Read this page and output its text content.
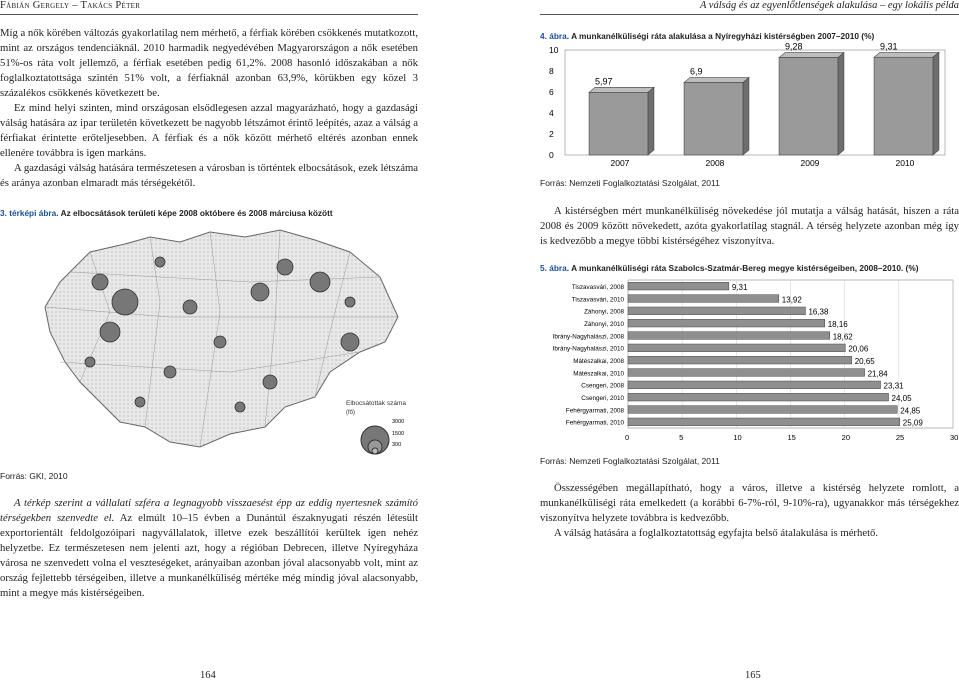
Fábián Gergely – Takács Péter	A válság és az egyenlőtlenségek alakulása – egy lokális példa

Míg a nők körében változás gyakorlatilag nem mérhető, a férfiak körében csökkenés mutatkozott, mint az országos tendenciáknál. 2010 harmadik negyedévében Magyarországon a nők esetében 51%-os ráta volt jellemző, a férfiak esetében pedig 61,2%. 2008 hasonló időszakában a nők foglalkoztatottsága szintén 51% volt, a férfiaknál azonban 63,9%, körükben egy közel 3 százalékos csökkenés következett be.

Ez mind helyi szinten, mind országosan elsődlegesen azzal magyarázható, hogy a gazdasági válság hatására az ipar területén következett be nagyobb létszámot érintő leépítés, azaz a válság a férfiakat érintette erőteljesebben. A férfiak és a nők között mérhető eltérés azonban ennek ellenére továbbra is igen markáns.

A gazdasági válság hatására természetesen a városban is történtek elbocsátások, ezek létszáma és aránya azonban elmaradt más térségekétől.

3. térképi ábra. Az elbocsátások területi képe 2008 októbere és 2008 márciusa között
Elbocsátottak száma
(fő)
3000
1500
300
Forrás: GKI, 2010

A térkép szerint a vállalati szféra a legnagyobb visszaesést épp az eddig nyertesnek számító térségekben szenvedte el. Az elmúlt 10–15 évben a Dunántúl északnyugati részén létesült exportorientált feldolgozóipari nagyvállalatok, illetve ezek beszállítói kerültek igen nehéz helyzetbe. Ez természetesen nem jelenti azt, hogy a régióban Debrecen, illetve Nyíregyháza városa ne szenvedett volna el veszteségeket, arányaiban azonban jóval alacsonyabb volt, mint az ország fejlettebb térségeiben, illetve a munkanélküliség mértéke még mindig jóval alacsonyabb, mint a megye más kistérségeiben.

164
4. ábra. A munkanélküliségi ráta alakulása a Nyíregyházi kistérségben 2007–2010 (%)
0
2
4
6
8
10
5,97
2007
6,9
2008
9,28
2009
9,31
2010
Forrás: Nemzeti Foglalkoztatási Szolgálat, 2011

A kistérségben mért munkanélküliség növekedése jól mutatja a válság hatását, hiszen a ráta 2008 és 2009 között növekedett, azóta gyakorlatilag stagnál. A térség helyzete azonban még így is kedvezőbb a megye többi kistérségéhez viszonyítva.

5. ábra. A munkanélküliségi ráta Szabolcs-Szatmár-Bereg megye kistérségeiben, 2008–2010. (%)
0	5	10	15	20	25	30
Tiszavasvári, 2008	9,31
Tiszavasvári, 2010	13,92
Záhonyi, 2008	16,38
Záhonyi, 2010	18,16
Ibrány-Nagyhalászi, 2008	18,62
Ibrány-Nagyhalászi, 2010	20,06
Mátészalkai, 2008	20,65
Mátészalkai, 2010	21,84
Csengeri, 2008	23,31
Csengeri, 2010	24,05
Fehérgyarmati, 2008	24,85
Fehérgyarmati, 2010	25,09
Forrás: Nemzeti Foglalkoztatási Szolgálat, 2011

Összességében megállapítható, hogy a város, illetve a kistérség helyzete romlott, a munkanélküliségi ráta emelkedett (a korábbi 6-7%-ról, 9-10%-ra), ugyanakkor más térségekhez viszonyítva helyzete továbbra is kedvezőbb.

A válság hatására a foglalkoztatottság egyfajta belső átalakulása is mérhető.

165
